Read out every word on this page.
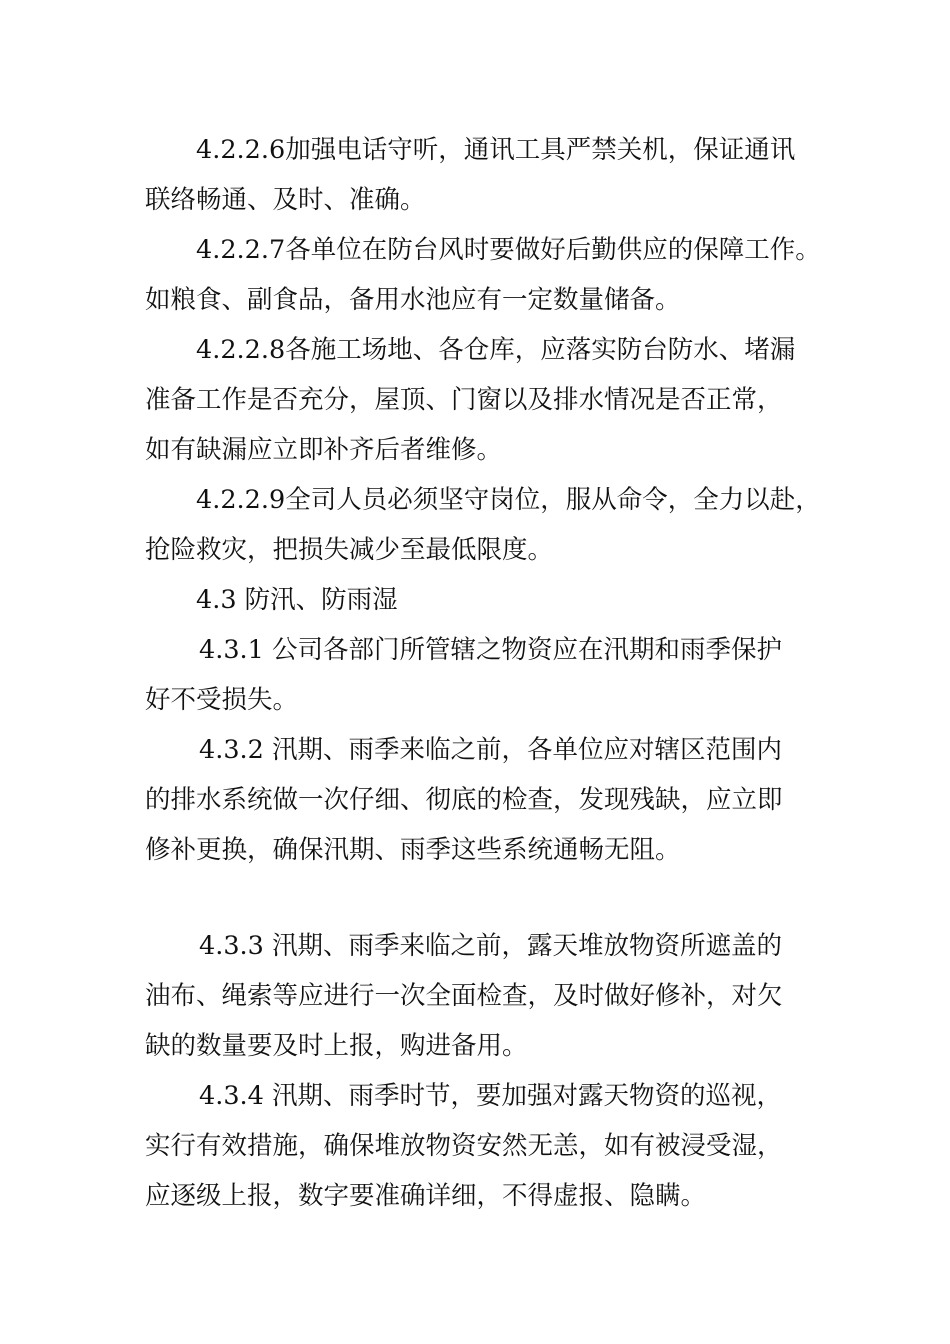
4.2.2.6加强电话守听，通讯工具严禁关机，保证通讯
联络畅通、及时、准确。
4.2.2.7各单位在防台风时要做好后勤供应的保障工作。
如粮食、副食品，备用水池应有一定数量储备。
4.2.2.8各施工场地、各仓库，应落实防台防水、堵漏
准备工作是否充分，屋顶、门窗以及排水情况是否正常，
如有缺漏应立即补齐后者维修。
4.2.2.9全司人员必须坚守岗位，服从命令，全力以赴，
抢险救灾，把损失减少至最低限度。
4.3 防汛、防雨湿
4.3.1 公司各部门所管辖之物资应在汛期和雨季保护
好不受损失。
4.3.2 汛期、雨季来临之前，各单位应对辖区范围内
的排水系统做一次仔细、彻底的检查，发现残缺，应立即
修补更换，确保汛期、雨季这些系统通畅无阻。
4.3.3 汛期、雨季来临之前，露天堆放物资所遮盖的
油布、绳索等应进行一次全面检查，及时做好修补，对欠
缺的数量要及时上报，购进备用。
4.3.4 汛期、雨季时节，要加强对露天物资的巡视，
实行有效措施，确保堆放物资安然无恙，如有被浸受湿，
应逐级上报，数字要准确详细，不得虚报、隐瞒。
